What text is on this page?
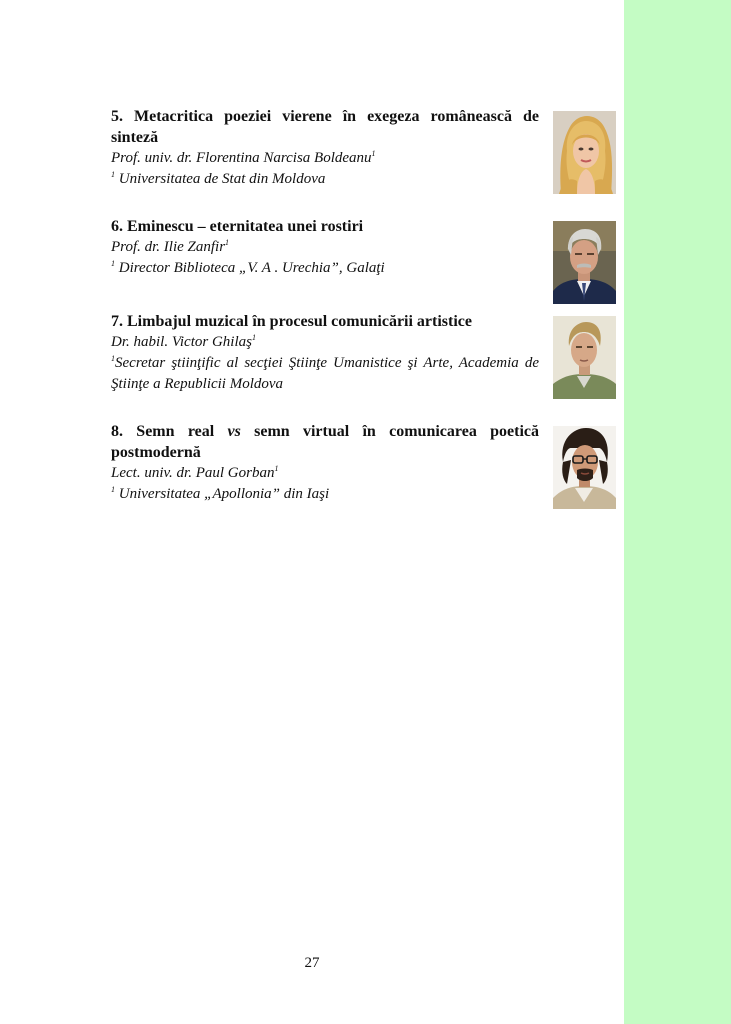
5. Metacritica poeziei vierene în exegeza românească de sinteză

Prof. univ. dr. Florentina Narcisa Boldeanu$^1$

$^1$ Universitatea de Stat din Moldova

6. Eminescu ‒ eternitatea unei rostiri

Prof. dr. Ilie Zanfir$^1$

$^1$ Director Biblioteca „V. A . Urechia”, Galaţi

7. Limbajul muzical în procesul comunicării artistice

Dr. habil. Victor Ghilaş$^1$

$^1$Secretar ştiinţific al secţiei Ştiinţe Umanistice şi Arte, Academia de Ştiinţe a Republicii Moldova

8. Semn real vs semn virtual în comunicarea poetică postmodernă

Lect. univ. dr. Paul Gorban$^1$

$^1$ Universitatea „Apollonia” din Iaşi

27
